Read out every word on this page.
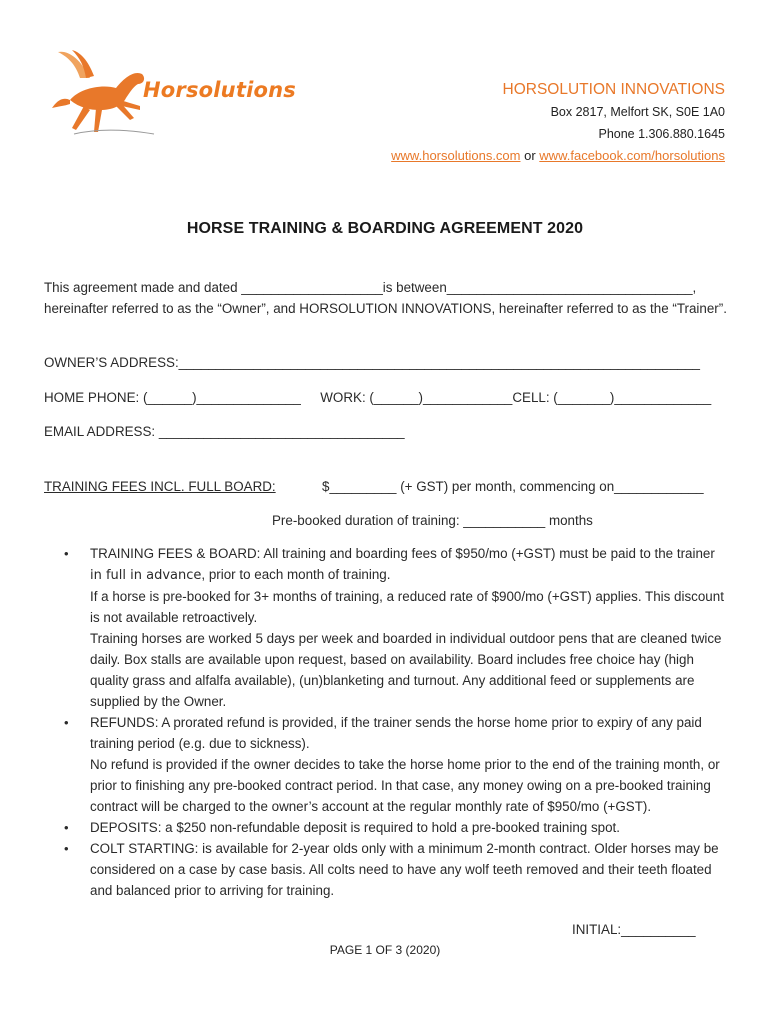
Horsolutions	HORSOLUTION INNOVATIONS
Box 2817, Melfort SK, S0E 1A0
Phone 1.306.880.1645
www.horsolutions.com or www.facebook.com/horsolutions
HORSE TRAINING & BOARDING AGREEMENT 2020
This agreement made and dated ___________________is between_________________________________, hereinafter referred to as the “Owner”, and HORSOLUTION INNOVATIONS, hereinafter referred to as the “Trainer”.
OWNER’S ADDRESS:______________________________________________________________________
HOME PHONE: (______)______________ WORK: (______)____________CELL: (_______)_____________
EMAIL ADDRESS: _________________________________
TRAINING FEES INCL. FULL BOARD:	$_________ (+ GST) per month, commencing on____________
Pre-booked duration of training: ___________ months
• TRAINING FEES & BOARD: All training and boarding fees of $950/mo (+GST) must be paid to the trainer in full in advance, prior to each month of training.

If a horse is pre-booked for 3+ months of training, a reduced rate of $900/mo (+GST) applies. This discount is not available retroactively.

Training horses are worked 5 days per week and boarded in individual outdoor pens that are cleaned twice daily. Box stalls are available upon request, based on availability. Board includes free choice hay (high quality grass and alfalfa available), (un)blanketing and turnout. Any additional feed or supplements are supplied by the Owner.

• REFUNDS: A prorated refund is provided, if the trainer sends the horse home prior to expiry of any paid training period (e.g. due to sickness).

No refund is provided if the owner decides to take the horse home prior to the end of the training month, or prior to finishing any pre-booked contract period. In that case, any money owing on a pre-booked training contract will be charged to the owner’s account at the regular monthly rate of $950/mo (+GST).

• DEPOSITS: a $250 non-refundable deposit is required to hold a pre-booked training spot.

• COLT STARTING: is available for 2-year olds only with a minimum 2-month contract. Older horses may be considered on a case by case basis. All colts need to have any wolf teeth removed and their teeth floated and balanced prior to arriving for training.

INITIAL:__________
PAGE 1 OF 3 (2020)
